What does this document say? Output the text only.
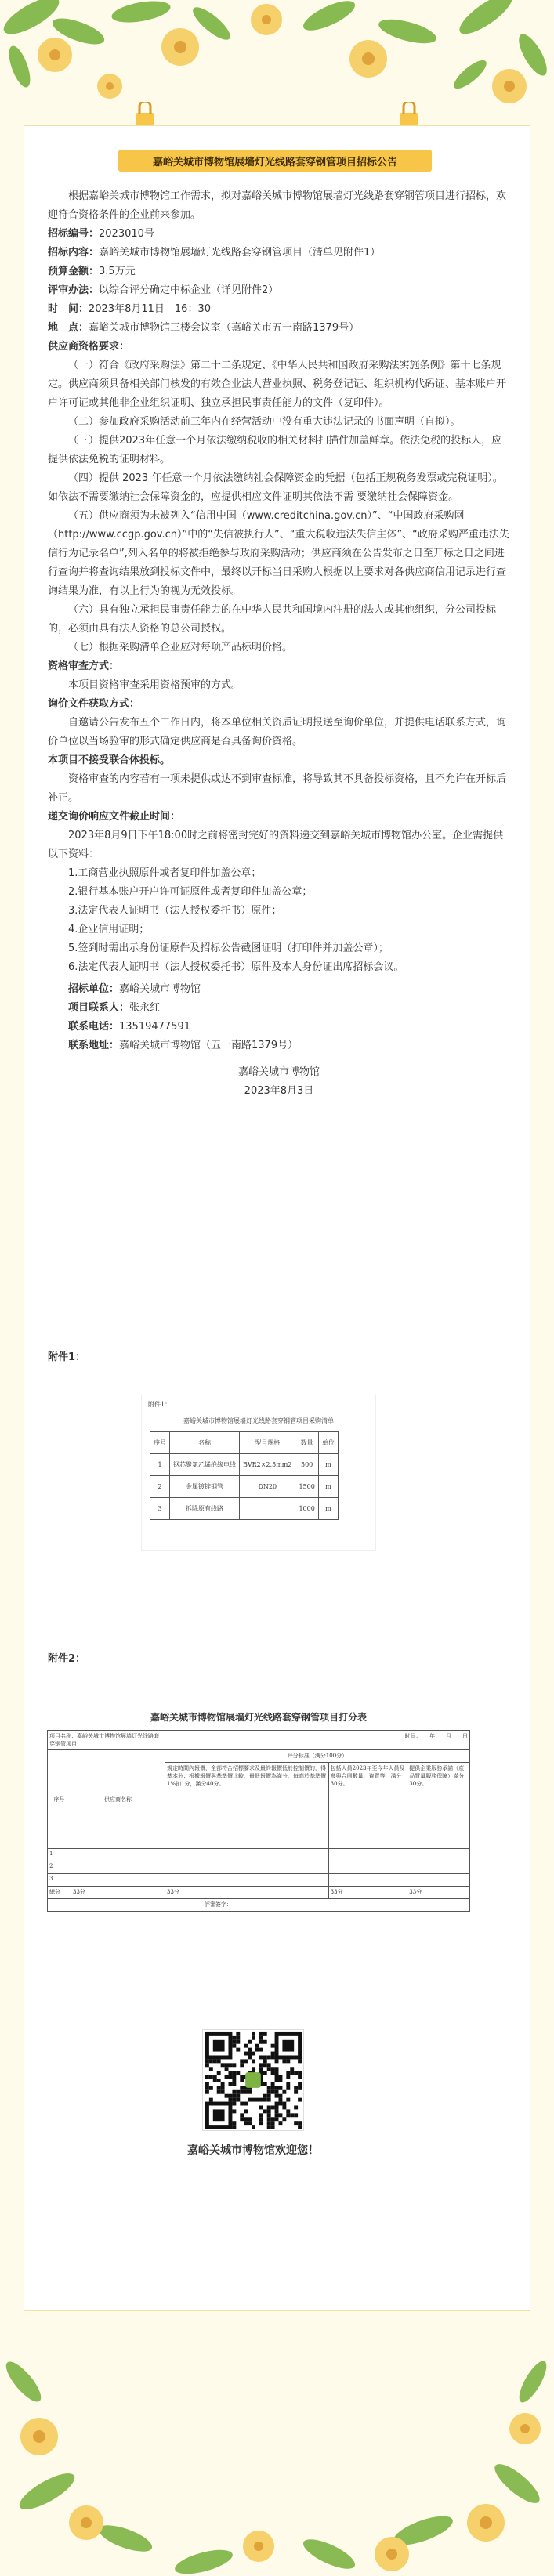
嘉峪关城市博物馆展墙灯光线路套穿钢管项目招标公告

根据嘉峪关城市博物馆工作需求，拟对嘉峪关城市博物馆展墙灯光线路套穿钢管项目进行招标，欢迎符合资格条件的企业前来参加。

招标编号：2023010号

招标内容：嘉峪关城市博物馆展墙灯光线路套穿钢管项目（清单见附件1）

预算金额：3.5万元

评审办法：以综合评分确定中标企业（详见附件2）

时　间：2023年8月11日　16：30

地　点：嘉峪关城市博物馆三楼会议室（嘉峪关市五一南路1379号）

供应商资格要求：

（一）符合《政府采购法》第二十二条规定、《中华人民共和国政府采购法实施条例》第十七条规定。供应商须具备相关部门核发的有效企业法人营业执照、税务登记证、组织机构代码证、基本账户开户许可证或其他非企业组织证明、独立承担民事责任能力的文件（复印件）。

（二）参加政府采购活动前三年内在经营活动中没有重大违法记录的书面声明（自拟）。

（三）提供2023年任意一个月依法缴纳税收的相关材料扫描件加盖鲜章。依法免税的投标人，应提供依法免税的证明材料。

（四）提供 2023 年任意一个月依法缴纳社会保障资金的凭据（包括正规税务发票或完税证明）。如依法不需要缴纳社会保障资金的，应提供相应文件证明其依法不需 要缴纳社会保障资金。

（五）供应商须为未被列入“信用中国（www.creditchina.gov.cn）”、“中国政府采购网（http://www.ccgp.gov.cn）”中的“失信被执行人”、“重大税收违法失信主体”、“政府采购严重违法失信行为记录名单”,列入名单的将被拒绝参与政府采购活动；供应商须在公告发布之日至开标之日之间进行查询并将查询结果放到投标文件中，最终以开标当日采购人根据以上要求对各供应商信用记录进行查询结果为准，有以上行为的视为无效投标。

（六）具有独立承担民事责任能力的在中华人民共和国境内注册的法人或其他组织，分公司投标的，必须由具有法人资格的总公司授权。

（七）根据采购清单企业应对每项产品标明价格。

资格审查方式：

本项目资格审查采用资格预审的方式。

询价文件获取方式：

自邀请公告发布五个工作日内，将本单位相关资质证明报送至询价单位，并提供电话联系方式，询价单位以当场验审的形式确定供应商是否具备询价资格。

本项目不接受联合体投标。

资格审查的内容若有一项未提供或达不到审查标准，将导致其不具备投标资格，且不允许在开标后补正。

递交询价响应文件截止时间：

2023年8月9日下午18:00时之前将密封完好的资料递交到嘉峪关城市博物馆办公室。企业需提供以下资料：

1.工商营业执照原件或者复印件加盖公章；

2.银行基本账户开户许可证原件或者复印件加盖公章；

3.法定代表人证明书（法人授权委托书）原件；

4.企业信用证明；

5.签到时需出示身份证原件及招标公告截图证明（打印件并加盖公章）；

6.法定代表人证明书（法人授权委托书）原件及本人身份证出席招标会议。

招标单位：嘉峪关城市博物馆

项目联系人：张永红

联系电话：13519477591

联系地址：嘉峪关城市博物馆（五一南路1379号）

嘉峪关城市博物馆

2023年8月3日

附件1：
附件2：
附件1：
嘉峪关城市博物馆展墙灯光线路套穿钢管项目采购清单
序号	名称	型号规格	数量	单位
1	钢芯聚氯乙烯绝缘电线	BVR2×2.5mm2	500	m
2	金属镀锌钢管	DN20	1500	m
3	拆除原有线路		1000	m
嘉峪关城市博物馆展墙灯光线路套穿钢管项目打分表
项目名称：嘉峪关城市博物馆展墙灯光线路套穿钢管项目		时间：　　年　　月　　日		
序号	供应商名称	评分标准（满分100分）		
		規定時間內報價，全部符合招標要求及最終報價低於控制價的，得基本分；根據報價與基準價比較，最低報價為滿分，每高於基準價1%扣1分，滿分40分。	包括人員2023年至今年人員及參與合同數量、資質等，滿分30分。	提供企業服務承諾（產品質量服務保障）滿分30分。
1				
2				
3				
總分	33分	33分	33分	33分
評審簽字：				
嘉峪关城市博物馆欢迎您！
